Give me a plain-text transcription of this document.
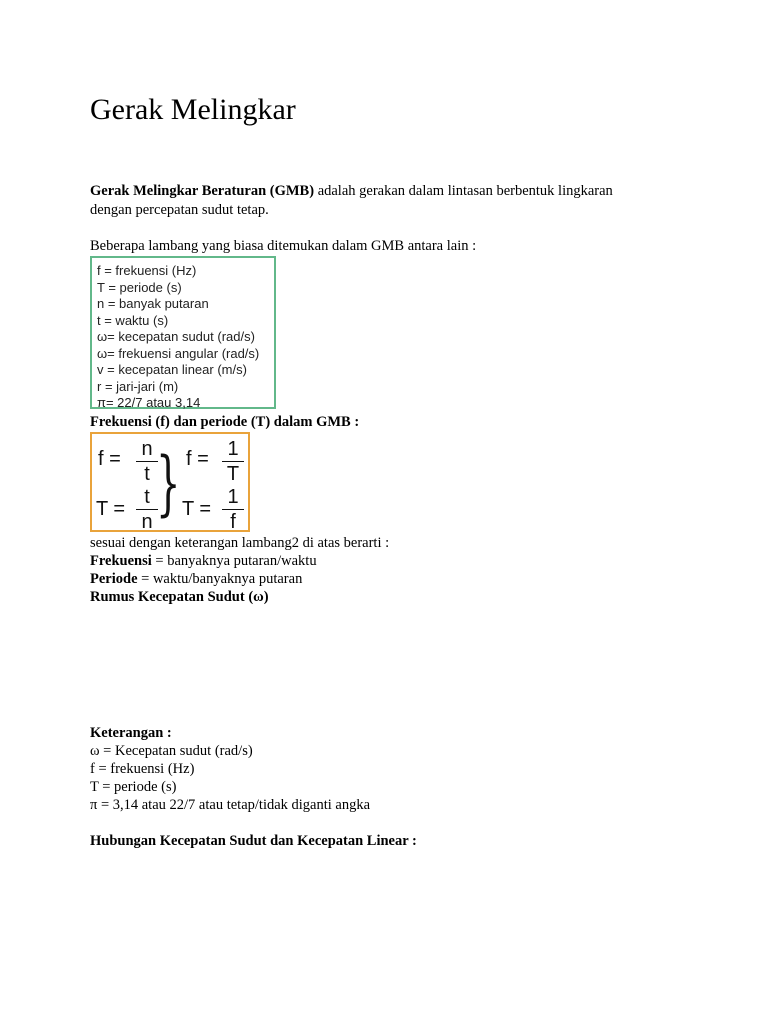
Gerak Melingkar
Gerak Melingkar Beraturan (GMB) adalah gerakan dalam lintasan berbentuk lingkaran
dengan percepatan sudut tetap.
Beberapa lambang yang biasa ditemukan dalam GMB antara lain :
f = frekuensi (Hz)
T = periode (s)
n = banyak putaran
t = waktu (s)
ω= kecepatan sudut (rad/s)
ω= frekuensi angular (rad/s)
v = kecepatan linear (m/s)
r = jari-jari (m)
π= 22/7 atau 3,14
Frekuensi (f) dan periode (T) dalam GMB :
f = n
t
T =
t
n } f = 1
T
T =
1
f
sesuai dengan keterangan lambang2 di atas berarti :
Frekuensi = banyaknya putaran/waktu
Periode = waktu/banyaknya putaran
Rumus Kecepatan Sudut (ω)
Keterangan :
ω = Kecepatan sudut (rad/s)
f = frekuensi (Hz)
T = periode (s)
π = 3,14 atau 22/7 atau tetap/tidak diganti angka
Hubungan Kecepatan Sudut dan Kecepatan Linear :
